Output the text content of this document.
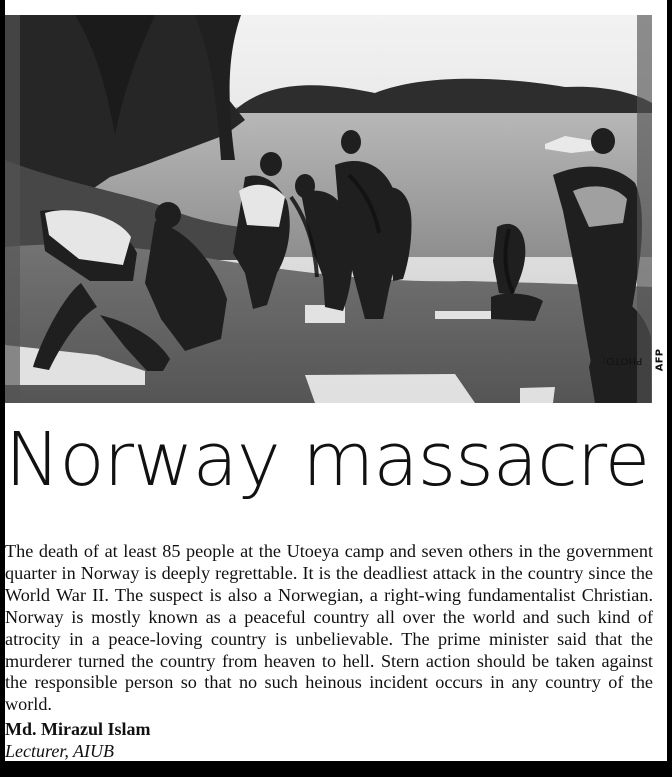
PHOTO: AFP
Norway massacre

The death of at least 85 people at the Utoeya camp and seven others in the government quarter in Norway is deeply regrettable. It is the deadliest attack in the country since the World War II. The suspect is also a Norwegian, a right-wing fundamentalist Christian. Norway is mostly known as a peaceful country all over the world and such kind of atrocity in a peace-loving country is unbelievable. The prime minister said that the murderer turned the country from heaven to hell. Stern action should be taken against the responsible person so that no such heinous incident occurs in any country of the world.

Md. Mirazul Islam
Lecturer, AIUB
